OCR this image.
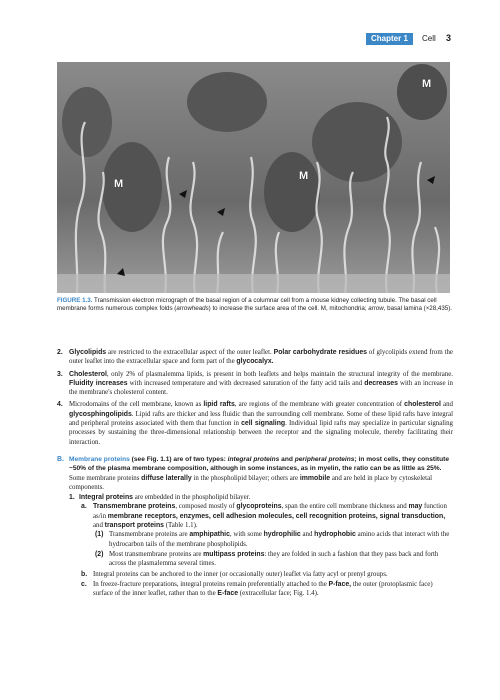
Chapter 1	Cell 3
M
M
M
FIGURE 1.3. Transmission electron micrograph of the basal region of a columnar cell from a mouse kidney collecting tubule. The basal cell membrane forms numerous complex folds (arrowheads) to increase the surface area of the cell. M, mitochondria; arrow, basal lamina (×28,435).
2. Glycolipids are restricted to the extracellular aspect of the outer leaflet. Polar carbohydrate residues of glycolipids extend from the outer leaflet into the extracellular space and form part of the glycocalyx.
3. Cholesterol, only 2% of plasmalemma lipids, is present in both leaflets and helps maintain the structural integrity of the membrane. Fluidity increases with increased temperature and with decreased saturation of the fatty acid tails and decreases with an increase in the membrane's cholesterol content.
4. Microdomains of the cell membrane, known as lipid rafts, are regions of the membrane with greater concentration of cholesterol and glycosphingolipids. Lipid rafts are thicker and less fluidic than the surrounding cell membrane. Some of these lipid rafts have integral and peripheral proteins associated with them that function in cell signaling. Individual lipid rafts may specialize in particular signaling processes by sustaining the three-dimensional relationship between the receptor and the signaling molecule, thereby facilitating their interaction.
B. Membrane proteins (see Fig. 1.1) are of two types: integral proteins and peripheral proteins; in most cells, they constitute ~50% of the plasma membrane composition, although in some instances, as in myelin, the ratio can be as little as 25%. Some membrane proteins diffuse laterally in the phospholipid bilayer; others are immobile and are held in place by cytoskeletal components.
1. Integral proteins are embedded in the phospholipid bilayer.
a. Transmembrane proteins, composed mostly of glycoproteins, span the entire cell membrane thickness and may function as/in membrane receptors, enzymes, cell adhesion molecules, cell recognition proteins, signal transduction, and transport proteins (Table 1.1).
(1) Transmembrane proteins are amphipathic, with some hydrophilic and hydrophobic amino acids that interact with the hydrocarbon tails of the membrane phospholipids.
(2) Most transmembrane proteins are multipass proteins: they are folded in such a fashion that they pass back and forth across the plasmalemma several times.
b. Integral proteins can be anchored to the inner (or occasionally outer) leaflet via fatty acyl or prenyl groups.
c. In freeze-fracture preparations, integral proteins remain preferentially attached to the P-face, the outer (protoplasmic face) surface of the inner leaflet, rather than to the E-face (extracellular face; Fig. 1.4).
